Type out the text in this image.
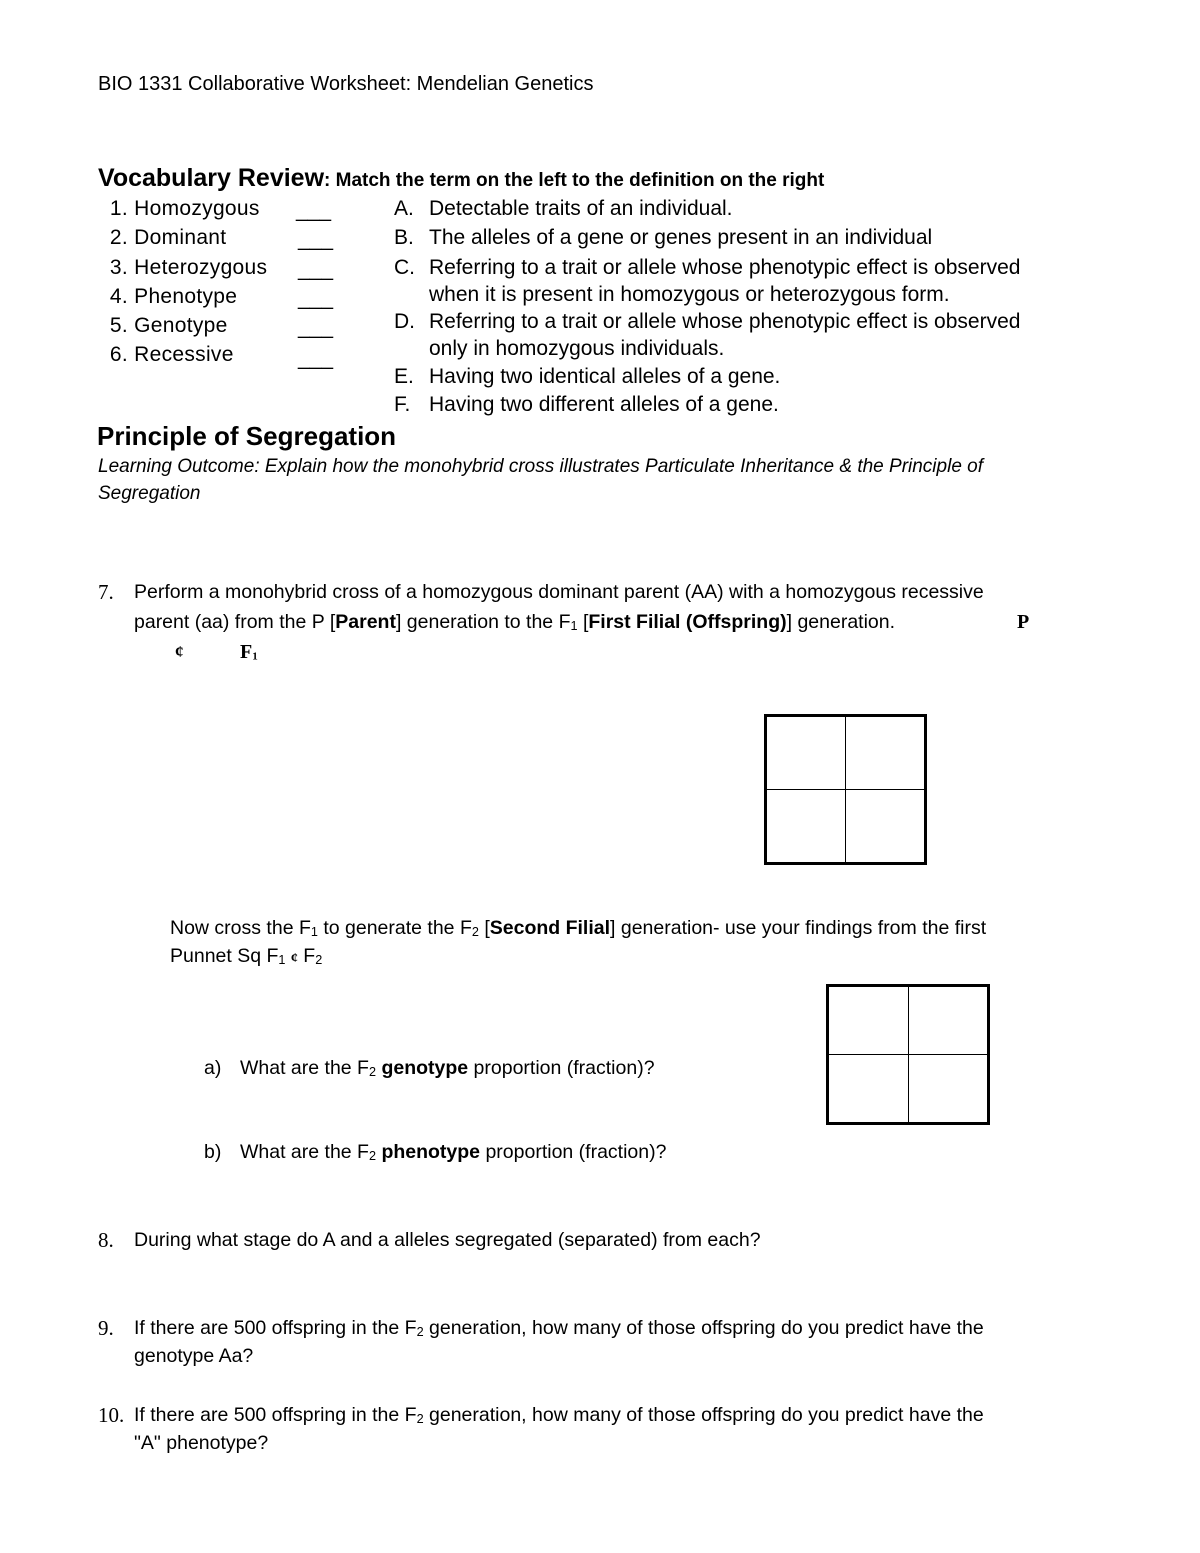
BIO 1331 Collaborative Worksheet: Mendelian Genetics
Vocabulary Review: Match the term on the left to the definition on the right
1. Homozygous
2. Dominant
3. Heterozygous
4. Phenotype
5. Genotype
6. Recessive
___
___
___
___
___
___
A. Detectable traits of an individual.
B. The alleles of a gene or genes present in an individual
C. Referring to a trait or allele whose phenotypic effect is observed
when it is present in homozygous or heterozygous form.
D. Referring to a trait or allele whose phenotypic effect is observed
only in homozygous individuals.
E. Having two identical alleles of a gene.
F. Having two different alleles of a gene.
Principle of Segregation
Learning Outcome: Explain how the monohybrid cross illustrates Particulate Inheritance & the Principle of
Segregation
7. Perform a monohybrid cross of a homozygous dominant parent (AA) with a homozygous recessive
parent (aa) from the P [Parent] generation to the $F_1$ [First Filial (Offspring)] generation.	P
¢	$F_1$
Now cross the $F_1$ to generate the $F_2$ [Second Filial] generation- use your findings from the first
Punnet Sq $F_1$ ¢ $F_2$
a) What are the $F_2$ genotype proportion (fraction)?
b) What are the $F_2$ phenotype proportion (fraction)?
8. During what stage do A and a alleles segregated (separated) from each?
9. If there are 500 offspring in the $F_2$ generation, how many of those offspring do you predict have the
genotype Aa?
10. If there are 500 offspring in the $F_2$ generation, how many of those offspring do you predict have the
"A" phenotype?
